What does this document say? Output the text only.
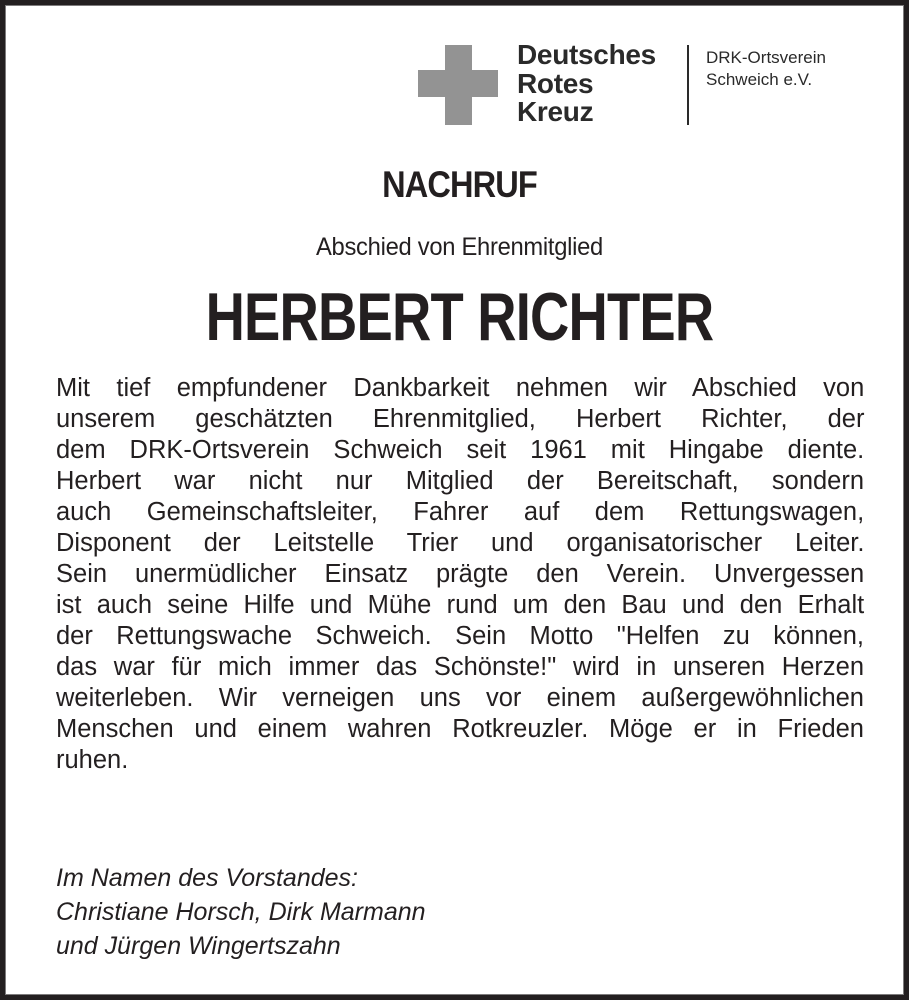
Deutsches
Rotes
Kreuz
DRK-Ortsverein
Schweich e.V.
NACHRUF
Abschied von Ehrenmitglied
HERBERT RICHTER
Mit tief empfundener Dankbarkeit nehmen wir Abschied von
unserem geschätzten Ehrenmitglied, Herbert Richter, der
dem DRK-Ortsverein Schweich seit 1961 mit Hingabe diente.
Herbert war nicht nur Mitglied der Bereitschaft, sondern
auch Gemeinschaftsleiter, Fahrer auf dem Rettungswagen,
Disponent der Leitstelle Trier und organisatorischer Leiter.
Sein unermüdlicher Einsatz prägte den Verein. Unvergessen
ist auch seine Hilfe und Mühe rund um den Bau und den Erhalt
der Rettungswache Schweich. Sein Motto "Helfen zu können,
das war für mich immer das Schönste!" wird in unseren Herzen
weiterleben. Wir verneigen uns vor einem außergewöhnlichen
Menschen und einem wahren Rotkreuzler. Möge er in Frieden
ruhen.
Im Namen des Vorstandes:
Christiane Horsch, Dirk Marmann
und Jürgen Wingertszahn
